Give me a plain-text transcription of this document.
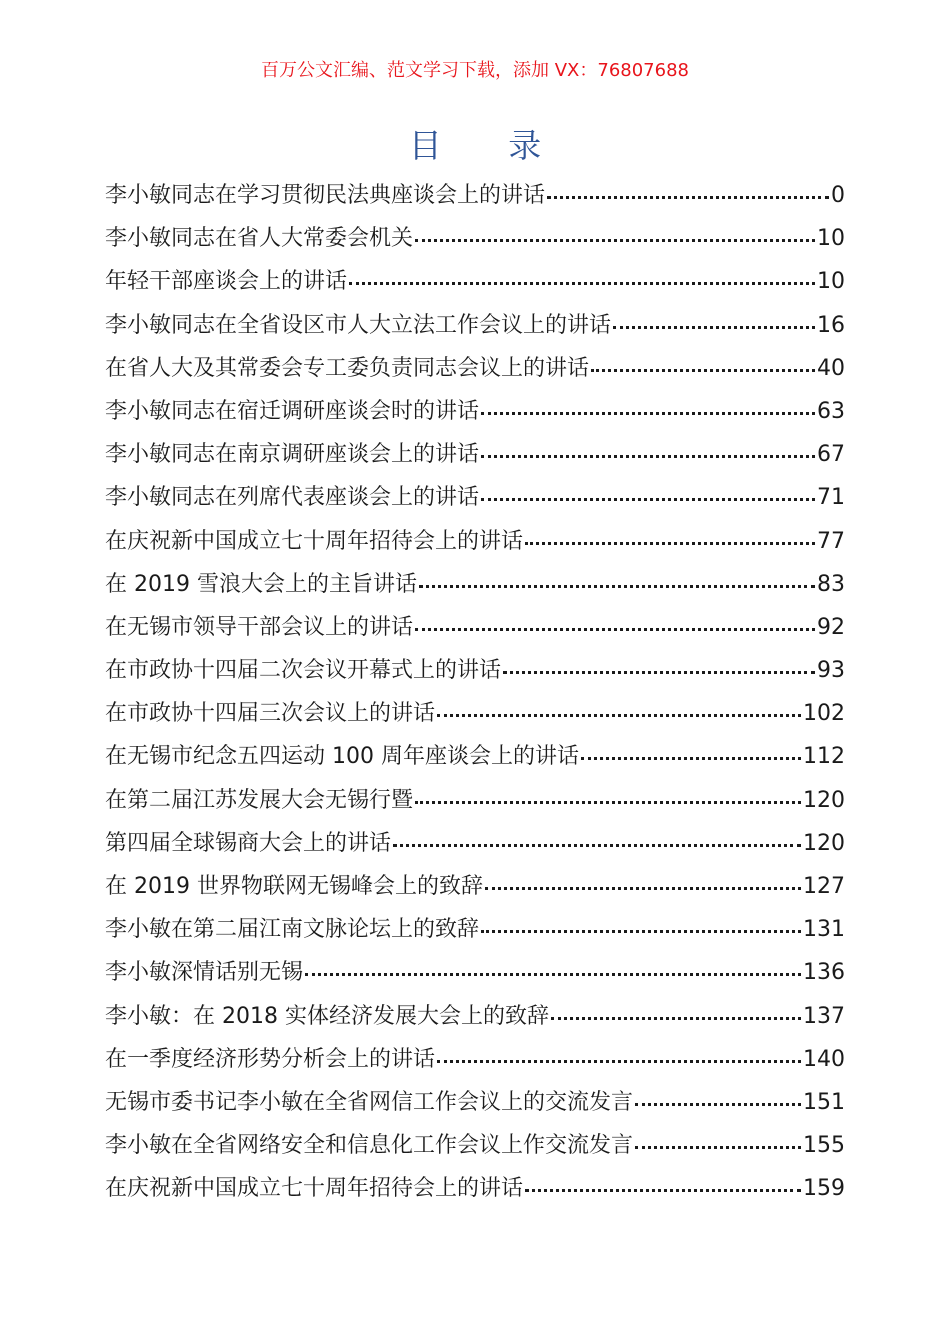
百万公文汇编、范文学习下载，添加 VX：76807688
目 录
李小敏同志在学习贯彻民法典座谈会上的讲话	0
李小敏同志在省人大常委会机关	10
年轻干部座谈会上的讲话	10
李小敏同志在全省设区市人大立法工作会议上的讲话	16
在省人大及其常委会专工委负责同志会议上的讲话	40
李小敏同志在宿迁调研座谈会时的讲话	63
李小敏同志在南京调研座谈会上的讲话	67
李小敏同志在列席代表座谈会上的讲话	71
在庆祝新中国成立七十周年招待会上的讲话	77
在 2019 雪浪大会上的主旨讲话	83
在无锡市领导干部会议上的讲话	92
在市政协十四届二次会议开幕式上的讲话	93
在市政协十四届三次会议上的讲话	102
在无锡市纪念五四运动 100 周年座谈会上的讲话	112
在第二届江苏发展大会无锡行暨	120
第四届全球锡商大会上的讲话	120
在 2019 世界物联网无锡峰会上的致辞	127
李小敏在第二届江南文脉论坛上的致辞	131
李小敏深情话别无锡	136
李小敏：在 2018 实体经济发展大会上的致辞	137
在一季度经济形势分析会上的讲话	140
无锡市委书记李小敏在全省网信工作会议上的交流发言	151
李小敏在全省网络安全和信息化工作会议上作交流发言	155
在庆祝新中国成立七十周年招待会上的讲话	159
